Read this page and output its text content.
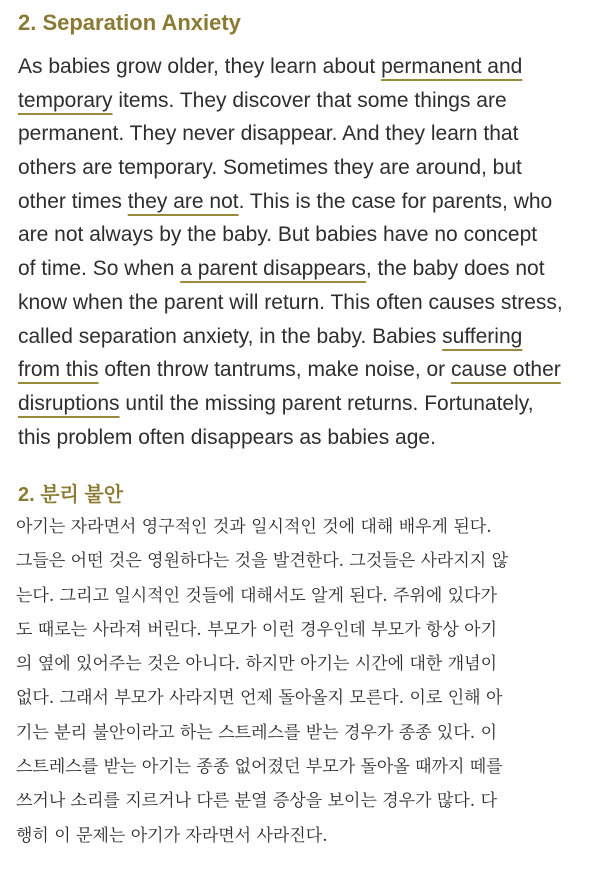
2. Separation Anxiety
As babies grow older, they learn about permanent and
temporary items. They discover that some things are
permanent. They never disappear. And they learn that
others are temporary. Sometimes they are around, but
other times they are not. This is the case for parents, who
are not always by the baby. But babies have no concept
of time. So when a parent disappears, the baby does not
know when the parent will return. This often causes stress,
called separation anxiety, in the baby. Babies suffering
from this often throw tantrums, make noise, or cause other
disruptions until the missing parent returns. Fortunately,
this problem often disappears as babies age.
2. 분리 불안
아기는 자라면서 영구적인 것과 일시적인 것에 대해 배우게 된다.
그들은 어떤 것은 영원하다는 것을 발견한다. 그것들은 사라지지 않
는다. 그리고 일시적인 것들에 대해서도 알게 된다. 주위에 있다가
도 때로는 사라져 버린다. 부모가 이런 경우인데 부모가 항상 아기
의 옆에 있어주는 것은 아니다. 하지만 아기는 시간에 대한 개념이
없다. 그래서 부모가 사라지면 언제 돌아올지 모른다. 이로 인해 아
기는 분리 불안이라고 하는 스트레스를 받는 경우가 종종 있다. 이
스트레스를 받는 아기는 종종 없어졌던 부모가 돌아올 때까지 떼를
쓰거나 소리를 지르거나 다른 분열 증상을 보이는 경우가 많다. 다
행히 이 문제는 아기가 자라면서 사라진다.
